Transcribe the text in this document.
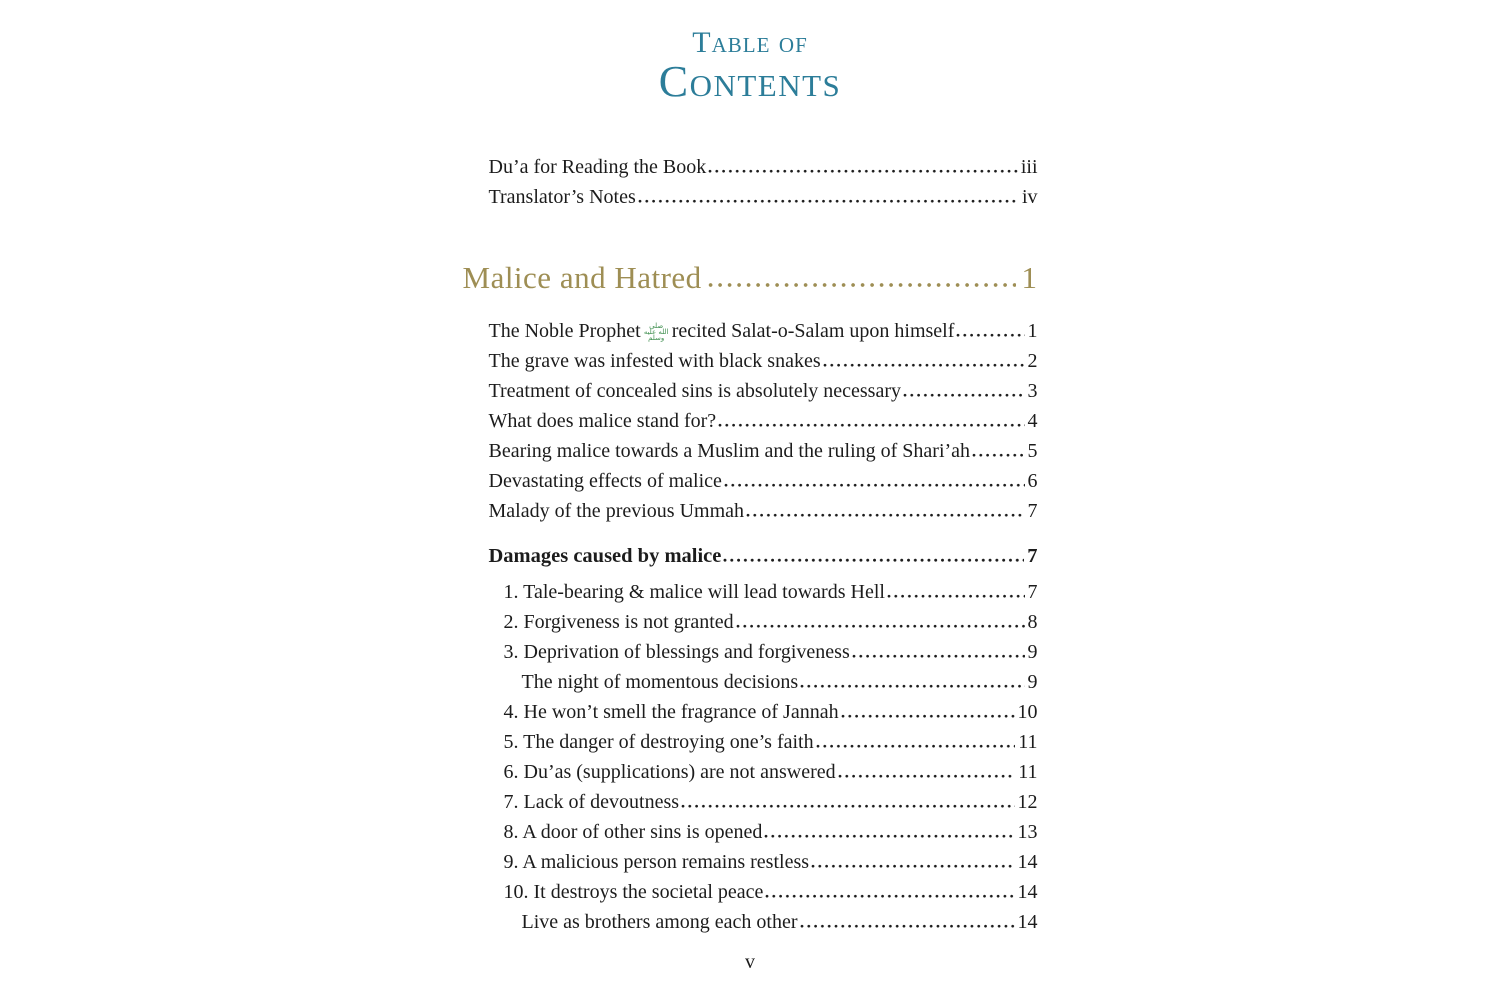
Table of
Contents
Du’a for Reading the Book	iii
Translator’s Notes	iv
Malice and Hatred	1
The Noble Prophet صلى الله عليه وسلم recited Salat-o-Salam upon himself	1
The grave was infested with black snakes	2
Treatment of concealed sins is absolutely necessary	3
What does malice stand for?	4
Bearing malice towards a Muslim and the ruling of Shari’ah	5
Devastating effects of malice	6
Malady of the previous Ummah	7
Damages caused by malice	7
1. Tale-bearing & malice will lead towards Hell	7
2. Forgiveness is not granted	8
3. Deprivation of blessings and forgiveness	9
The night of momentous decisions	9
4. He won’t smell the fragrance of Jannah	10
5. The danger of destroying one’s faith	11
6. Du’as (supplications) are not answered	11
7. Lack of devoutness	12
8. A door of other sins is opened	13
9. A malicious person remains restless	14
10. It destroys the societal peace	14
Live as brothers among each other	14
v
